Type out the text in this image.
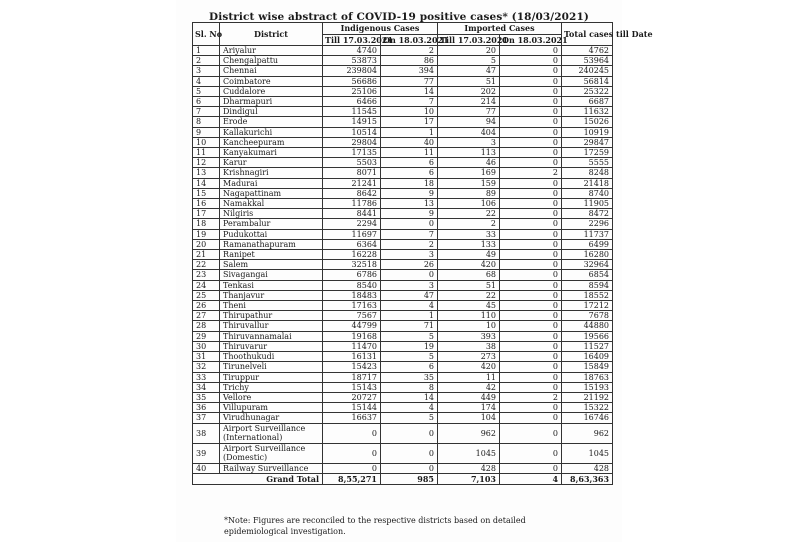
District wise abstract of COVID-19 positive cases* (18/03/2021)
Sl. No	District	Indigenous Cases		Imported Cases		Total cases till Date
		Till 17.03.2021	On 18.03.2021	Till 17.03.2021	On 18.03.2021	
1	Ariyalur	4740	2	20	0	4762
2	Chengalpattu	53873	86	5	0	53964
3	Chennai	239804	394	47	0	240245
4	Coimbatore	56686	77	51	0	56814
5	Cuddalore	25106	14	202	0	25322
6	Dharmapuri	6466	7	214	0	6687
7	Dindigul	11545	10	77	0	11632
8	Erode	14915	17	94	0	15026
9	Kallakurichi	10514	1	404	0	10919
10	Kancheepuram	29804	40	3	0	29847
11	Kanyakumari	17135	11	113	0	17259
12	Karur	5503	6	46	0	5555
13	Krishnagiri	8071	6	169	2	8248
14	Madurai	21241	18	159	0	21418
15	Nagapattinam	8642	9	89	0	8740
16	Namakkal	11786	13	106	0	11905
17	Nilgiris	8441	9	22	0	8472
18	Perambalur	2294	0	2	0	2296
19	Pudukottai	11697	7	33	0	11737
20	Ramanathapuram	6364	2	133	0	6499
21	Ranipet	16228	3	49	0	16280
22	Salem	32518	26	420	0	32964
23	Sivagangai	6786	0	68	0	6854
24	Tenkasi	8540	3	51	0	8594
25	Thanjavur	18483	47	22	0	18552
26	Theni	17163	4	45	0	17212
27	Thirupathur	7567	1	110	0	7678
28	Thiruvallur	44799	71	10	0	44880
29	Thiruvannamalai	19168	5	393	0	19566
30	Thiruvarur	11470	19	38	0	11527
31	Thoothukudi	16131	5	273	0	16409
32	Tirunelveli	15423	6	420	0	15849
33	Tiruppur	18717	35	11	0	18763
34	Trichy	15143	8	42	0	15193
35	Vellore	20727	14	449	2	21192
36	Villupuram	15144	4	174	0	15322
37	Virudhunagar	16637	5	104	0	16746
38	Airport Surveillance (International)	0	0	962	0	962
39	Airport Surveillance (Domestic)	0	0	1045	0	1045
40	Railway Surveillance	0	0	428	0	428
Grand Total		8,55,271	985	7,103	4	8,63,363
*Note: Figures are reconciled to the respective districts based on detailed epidemiological investigation.
